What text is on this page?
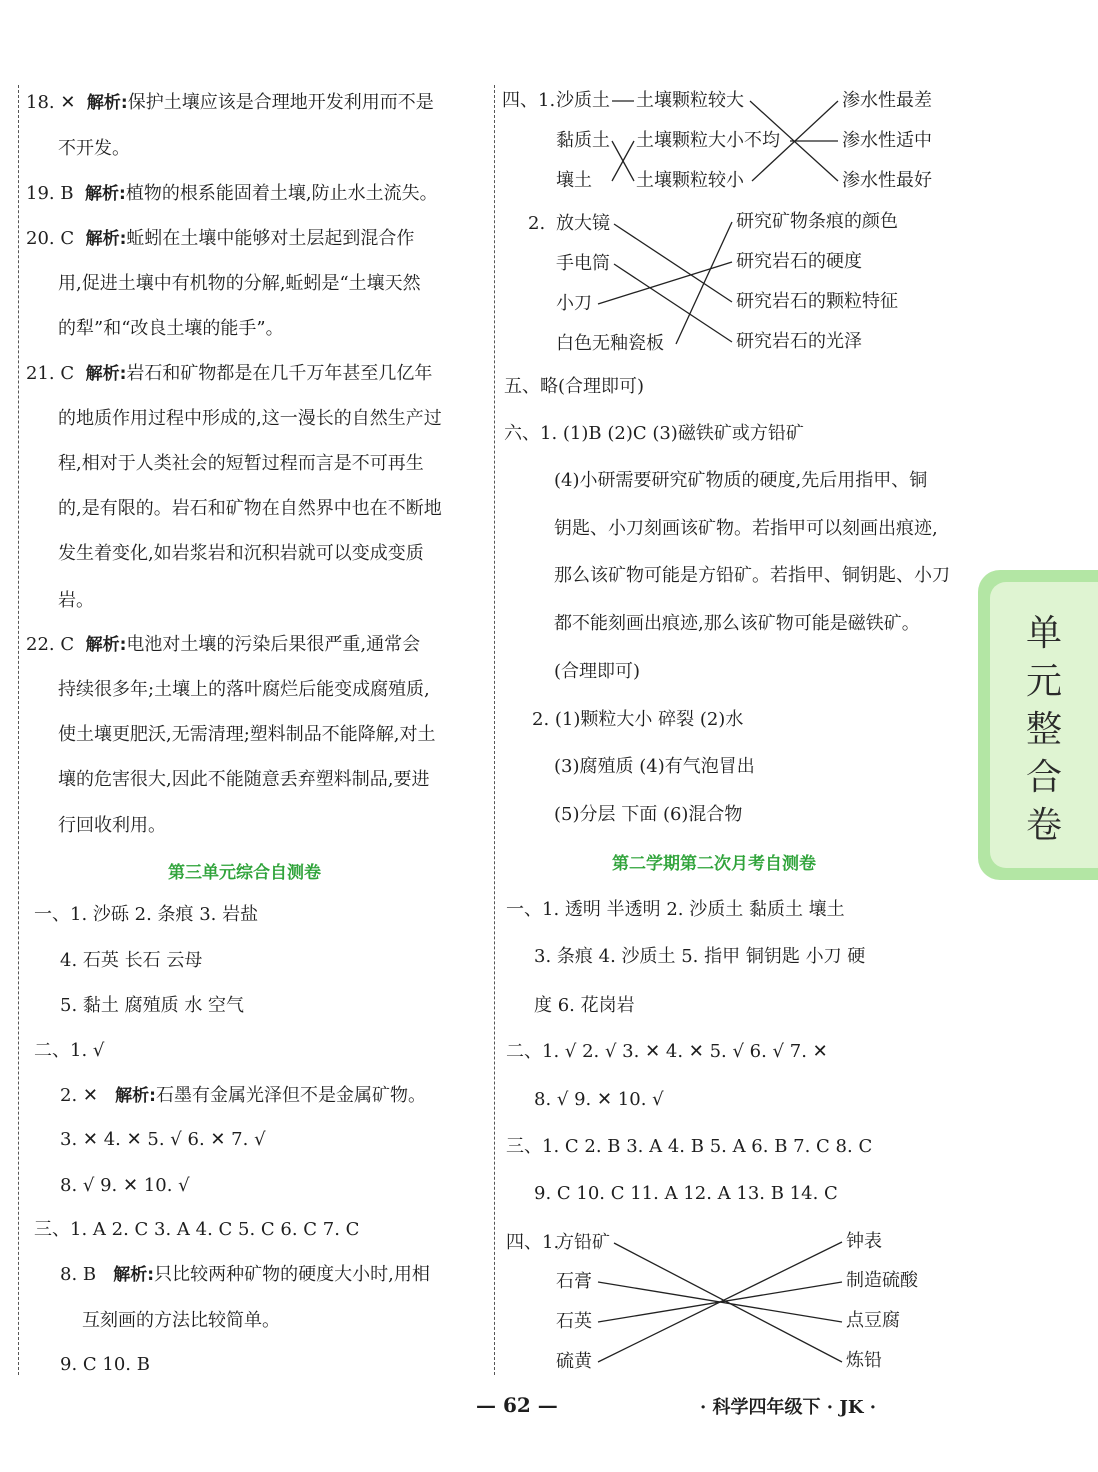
单
元
整
合
卷
18. ✕ 解析:保护土壤应该是合理地开发利用而不是
不开发。
19. B 解析:植物的根系能固着土壤,防止水土流失。
20. C 解析:蚯蚓在土壤中能够对土层起到混合作
用,促进土壤中有机物的分解,蚯蚓是“土壤天然
的犁”和“改良土壤的能手”。
21. C 解析:岩石和矿物都是在几千万年甚至几亿年
的地质作用过程中形成的,这一漫长的自然生产过
程,相对于人类社会的短暂过程而言是不可再生
的,是有限的。岩石和矿物在自然界中也在不断地
发生着变化,如岩浆岩和沉积岩就可以变成变质
岩。
22. C 解析:电池对土壤的污染后果很严重,通常会
持续很多年;土壤上的落叶腐烂后能变成腐殖质,
使土壤更肥沃,无需清理;塑料制品不能降解,对土
壤的危害很大,因此不能随意丢弃塑料制品,要进
行回收利用。
第三单元综合自测卷
一、1. 沙砾 2. 条痕 3. 岩盐
4. 石英 长石 云母
5. 黏土 腐殖质 水 空气
二、1. √
2. ✕ 解析:石墨有金属光泽但不是金属矿物。
3. ✕ 4. ✕ 5. √ 6. ✕ 7. √
8. √ 9. ✕ 10. √
三、1. A 2. C 3. A 4. C 5. C 6. C 7. C
8. B 解析:只比较两种矿物的硬度大小时,用相
互刻画的方法比较简单。
9. C 10. B
四、1. 沙质土
黏质土
壤土
土壤颗粒较大
土壤颗粒大小不均
土壤颗粒较小
渗水性最差
渗水性适中
渗水性最好
2. 放大镜
手电筒
小刀
白色无釉瓷板
研究矿物条痕的颜色
研究岩石的硬度
研究岩石的颗粒特征
研究岩石的光泽
五、略(合理即可)
六、1. (1)B (2)C (3)磁铁矿或方铅矿
(4)小研需要研究矿物质的硬度,先后用指甲、铜
钥匙、小刀刻画该矿物。若指甲可以刻画出痕迹,
那么该矿物可能是方铅矿。若指甲、铜钥匙、小刀
都不能刻画出痕迹,那么该矿物可能是磁铁矿。
(合理即可)
2. (1)颗粒大小 碎裂 (2)水
(3)腐殖质 (4)有气泡冒出
(5)分层 下面 (6)混合物
第二学期第二次月考自测卷
一、1. 透明 半透明 2. 沙质土 黏质土 壤土
3. 条痕 4. 沙质土 5. 指甲 铜钥匙 小刀 硬
度 6. 花岗岩
二、1. √ 2. √ 3. ✕ 4. ✕ 5. √ 6. √ 7. ✕
8. √ 9. ✕ 10. √
三、1. C 2. B 3. A 4. B 5. A 6. B 7. C 8. C
9. C 10. C 11. A 12. A 13. B 14. C
四、1.
方铅矿
石膏
石英
硫黄
钟表
制造硫酸
点豆腐
炼铅
— 62 —	· 科学四年级下 · JK ·
